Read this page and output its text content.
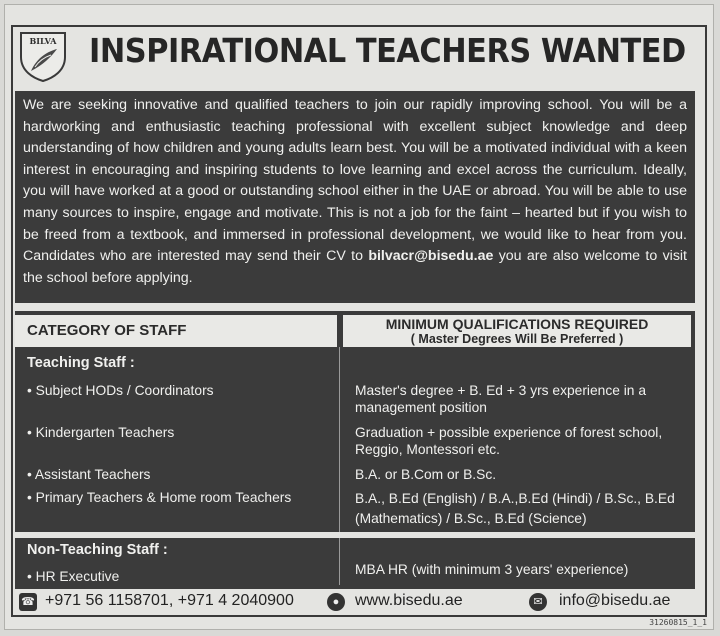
BILVA INSPIRATIONAL TEACHERS WANTED
We are seeking innovative and qualified teachers to join our rapidly improving school. You will be a hardworking and enthusiastic teaching professional with excellent subject knowledge and deep understanding of how children and young adults learn best. You will be a motivated individual with a keen interest in encouraging and inspiring students to love learning and excel across the curriculum. Ideally, you will have worked at a good or outstanding school either in the UAE or abroad. You will be able to use many sources to inspire, engage and motivate. This is not a job for the faint – hearted but if you wish to be freed from a textbook, and immersed in professional development, we would like to hear from you. Candidates who are interested may send their CV to bilvacr@bisedu.ae you are also welcome to visit the school before applying.
CATEGORY OF STAFF	MINIMUM QUALIFICATIONS REQUIRED
( Master Degrees Will Be Preferred )
Teaching Staff :
• Subject HODs / Coordinators	Master's degree + B. Ed + 3 yrs experience in a management position
• Kindergarten Teachers	Graduation + possible experience of forest school, Reggio, Montessori etc.
• Assistant Teachers	B.A. or B.Com or B.Sc.
• Primary Teachers & Home room Teachers	B.A., B.Ed (English) / B.A.,B.Ed (Hindi) / B.Sc., B.Ed (Mathematics) / B.Sc., B.Ed (Science)
Non-Teaching Staff :
• HR Executive	MBA HR (with minimum 3 years' experience)
☎ +971 56 1158701, +971 4 2040900	● www.bisedu.ae	✉ info@bisedu.ae
31260815_1_1
